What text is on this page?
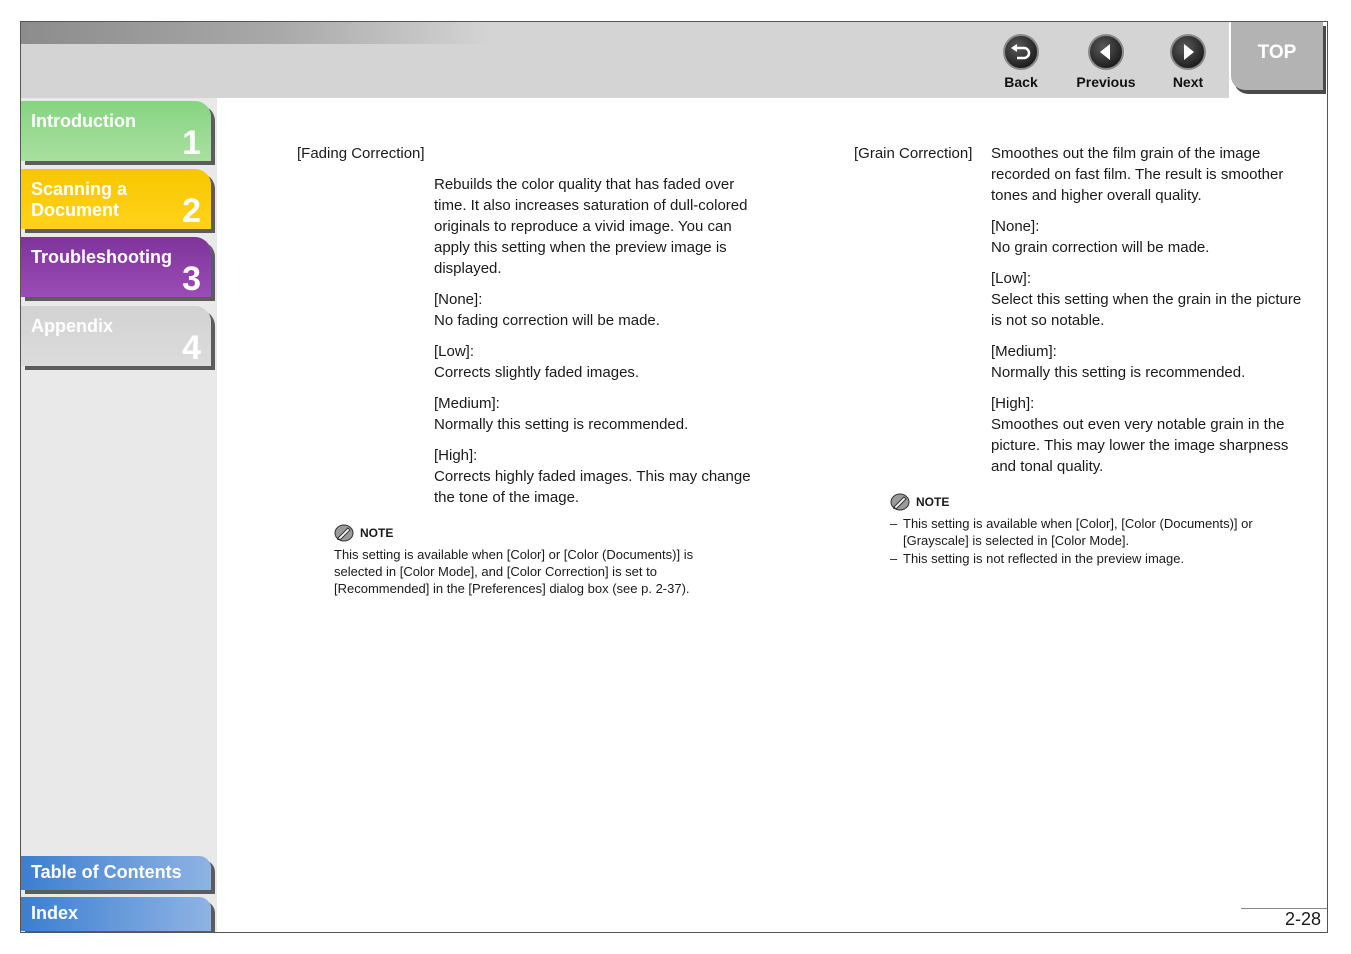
Back	Previous	Next
TOP
Introduction
1
Scanning a Document	2
Troubleshooting
3
Appendix
4
Table of Contents
Index
[Fading Correction]

Rebuilds the color quality that has faded over time. It also increases saturation of dull-colored originals to reproduce a vivid image. You can apply this setting when the preview image is displayed.

[None]:
No fading correction will be made.

[Low]:
Corrects slightly faded images.

[Medium]:
Normally this setting is recommended.

[High]:
Corrects highly faded images. This may change the tone of the image.

NOTE
This setting is available when [Color] or [Color (Documents)] is selected in [Color Mode], and [Color Correction] is set to [Recommended] in the [Preferences] dialog box (see p. 2-37).
[Grain Correction] Smoothes out the film grain of the image recorded on fast film. The result is smoother tones and higher overall quality.

[None]:
No grain correction will be made.

[Low]:
Select this setting when the grain in the picture is not so notable.

[Medium]:
Normally this setting is recommended.

[High]:
Smoothes out even very notable grain in the picture. This may lower the image sharpness and tonal quality.

NOTE
– This setting is available when [Color], [Color (Documents)] or [Grayscale] is selected in [Color Mode].
– This setting is not reflected in the preview image.
2-28
